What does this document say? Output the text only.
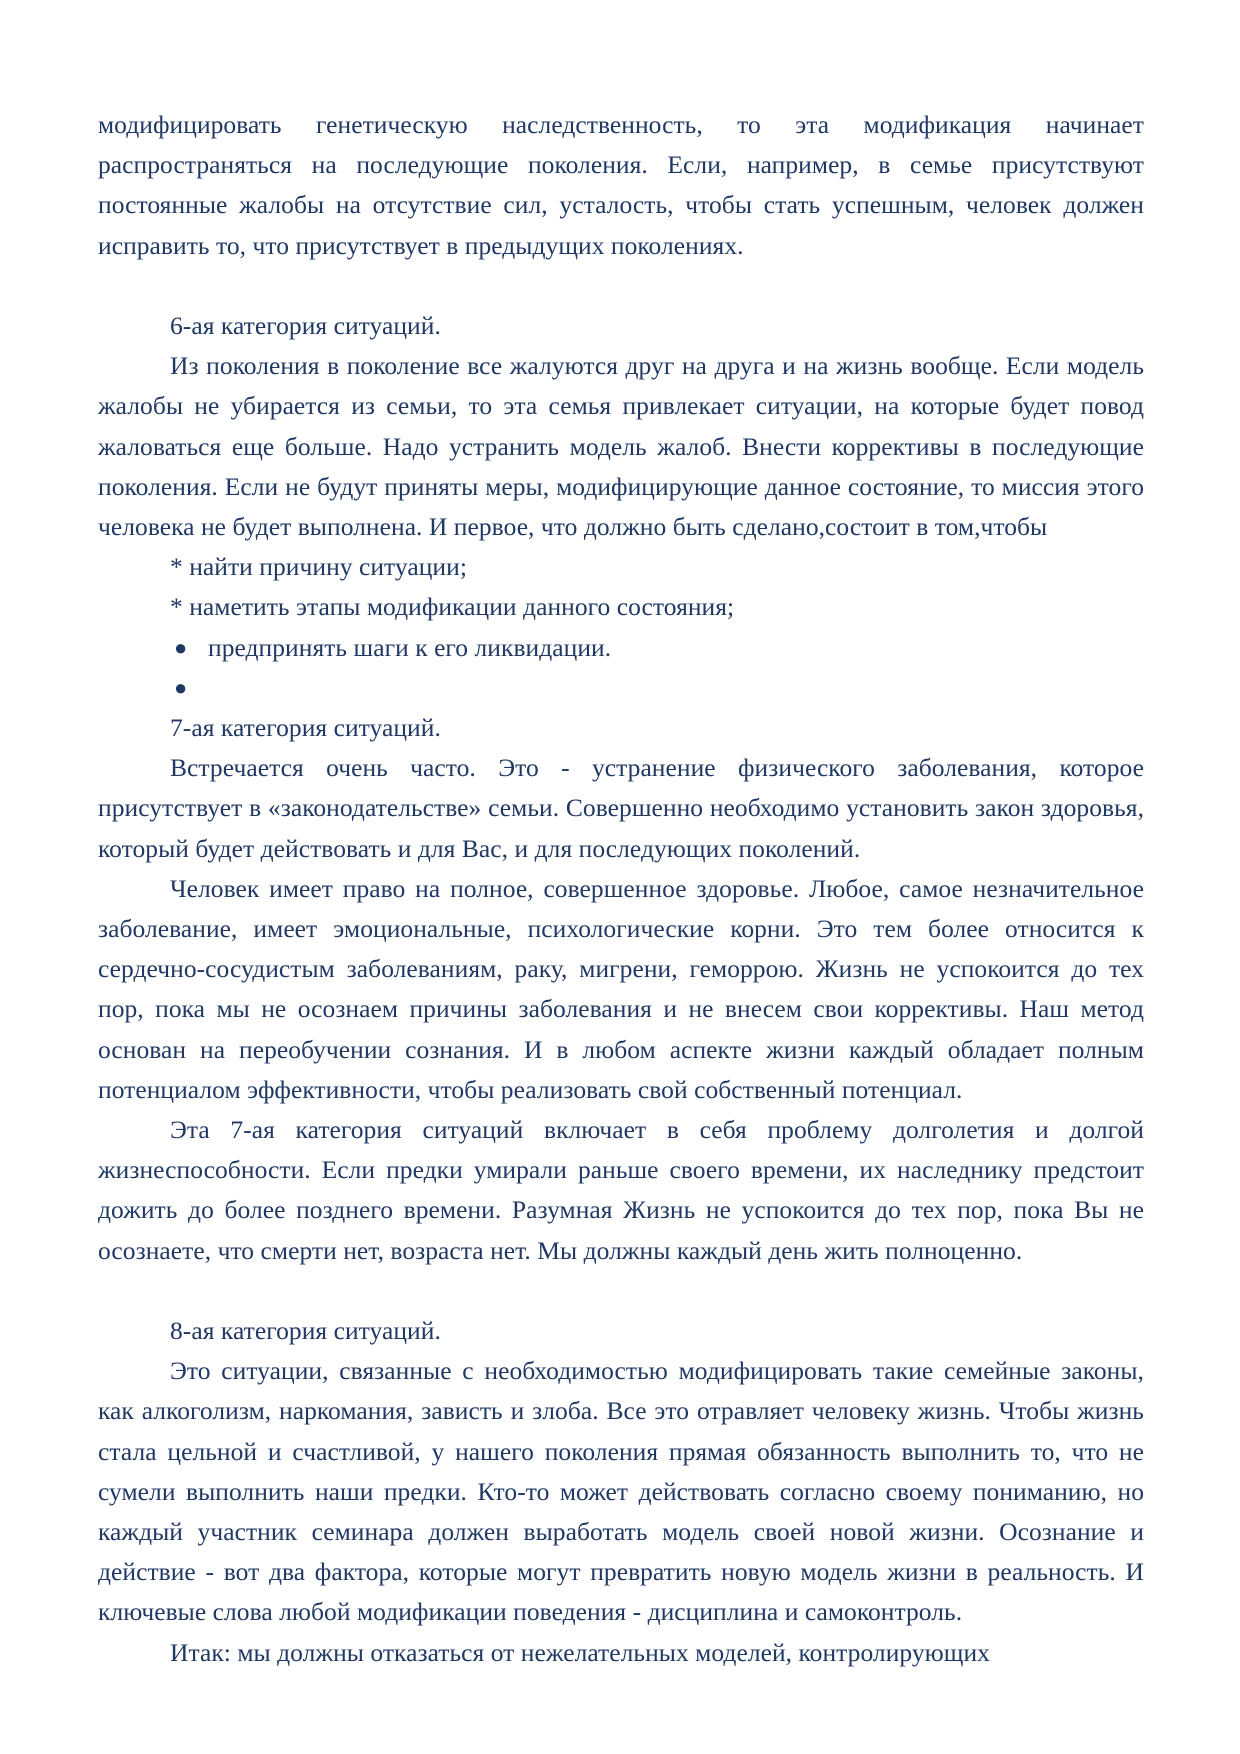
модифицировать генетическую наследственность, то эта модификация начинает распространяться на последующие поколения. Если, например, в семье присутствуют постоянные жалобы на отсутствие сил, усталость, чтобы стать успешным, человек должен исправить то, что присутствует в предыдущих поколениях.

6-ая категория ситуаций.

Из поколения в поколение все жалуются друг на друга и на жизнь вообще. Если модель жалобы не убирается из семьи, то эта семья привлекает ситуации, на которые будет повод жаловаться еще больше. Надо устранить модель жалоб. Внести коррективы в последующие поколения. Если не будут приняты меры, модифицирующие данное состояние, то миссия этого человека не будет выполнена. И первое, что должно быть сделано,состоит в том,чтобы

* найти причину ситуации;
* наметить этапы модификации данного состояния;
● предпринять шаги к его ликвидации.
●

7-ая категория ситуаций.

Встречается очень часто. Это - устранение физического заболевания, которое присутствует в «законодательстве» семьи. Совершенно необходимо установить закон здоровья, который будет действовать и для Вас, и для последующих поколений.

Человек имеет право на полное, совершенное здоровье. Любое, самое незначительное заболевание, имеет эмоциональные, психологические корни. Это тем более относится к сердечно-сосудистым заболеваниям, раку, мигрени, геморрою. Жизнь не успокоится до тех пор, пока мы не осознаем причины заболевания и не внесем свои коррективы. Наш метод основан на переобучении сознания. И в любом аспекте жизни каждый обладает полным потенциалом эффективности, чтобы реализовать свой собственный потенциал.

Эта 7-ая категория ситуаций включает в себя проблему долголетия и долгой жизнеспособности. Если предки умирали раньше своего времени, их наследнику предстоит дожить до более позднего времени. Разумная Жизнь не успокоится до тех пор, пока Вы не осознаете, что смерти нет, возраста нет. Мы должны каждый день жить полноценно.

8-ая категория ситуаций.

Это ситуации, связанные с необходимостью модифицировать такие семейные законы, как алкоголизм, наркомания, зависть и злоба. Все это отравляет человеку жизнь. Чтобы жизнь стала цельной и счастливой, у нашего поколения прямая обязанность выполнить то, что не сумели выполнить наши предки. Кто-то может действовать согласно своему пониманию, но каждый участник семинара должен выработать модель своей новой жизни. Осознание и действие - вот два фактора, которые могут превратить новую модель жизни в реальность. И ключевые слова любой модификации поведения - дисциплина и самоконтроль.

Итак: мы должны отказаться от нежелательных моделей, контролирующих
